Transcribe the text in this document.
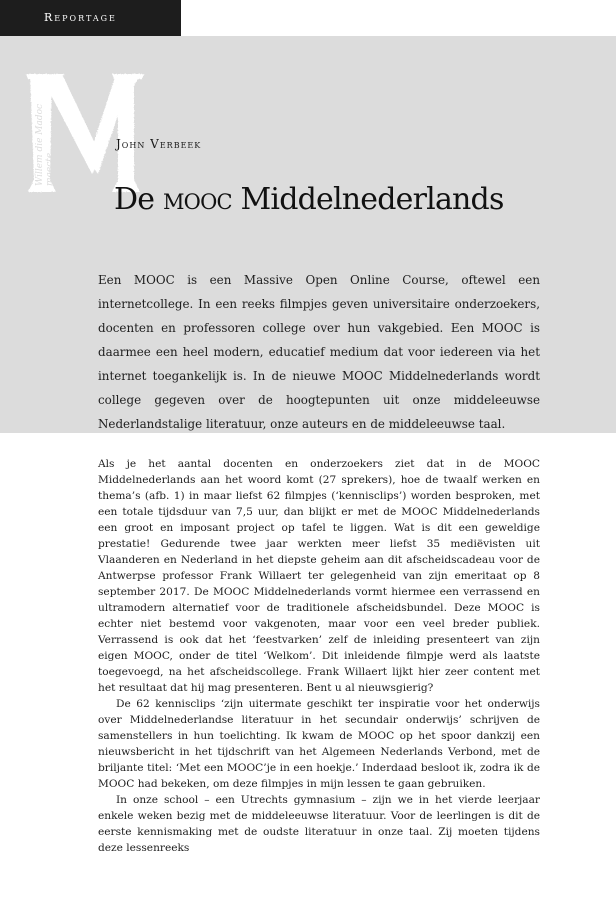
Reportage
Willem die Madoc maecte
John Verbeek
De mooc Middelnederlands

Een MOOC is een Massive Open Online Course, oftewel een internetcollege. In een reeks filmpjes geven universitaire onderzoekers, docenten en professoren college over hun vakgebied. Een MOOC is daarmee een heel modern, educatief medium dat voor iedereen via het internet toegankelijk is. In de nieuwe MOOC Middelnederlands wordt college gegeven over de hoogtepunten uit onze middeleeuwse Nederlandstalige literatuur, onze auteurs en de middeleeuwse taal.

Als je het aantal docenten en onderzoekers ziet dat in de MOOC Middelnederlands aan het woord komt (27 sprekers), hoe de twaalf werken en thema’s (afb. 1) in maar liefst 62 filmpjes (‘kennisclips’) worden besproken, met een totale tijdsduur van 7,5 uur, dan blijkt er met de MOOC Middelnederlands een groot en imposant project op tafel te liggen. Wat is dit een geweldige prestatie! Gedurende twee jaar werkten meer liefst 35 mediëvisten uit Vlaanderen en Nederland in het diepste geheim aan dit afscheidscadeau voor de Antwerpse professor Frank Willaert ter gelegenheid van zijn emeritaat op 8 september 2017. De MOOC Middelnederlands vormt hiermee een verrassend en ultramodern alternatief voor de traditionele afscheidsbundel. Deze MOOC is echter niet bestemd voor vakgenoten, maar voor een veel breder publiek. Verrassend is ook dat het ‘feestvarken’ zelf de inleiding presenteert van zijn eigen MOOC, onder de titel ‘Welkom’. Dit inleidende filmpje werd als laatste toegevoegd, na het afscheidscollege. Frank Willaert lijkt hier zeer content met het resultaat dat hij mag presenteren. Bent u al nieuwsgierig?

De 62 kennisclips ‘zijn uitermate geschikt ter inspiratie voor het onderwijs over Middelnederlandse literatuur in het secundair onderwijs’ schrijven de samenstellers in hun toelichting. Ik kwam de MOOC op het spoor dankzij een nieuwsbericht in het tijdschrift van het Algemeen Nederlands Verbond, met de briljante titel: ‘Met een MOOC’je in een hoekje.’ Inderdaad besloot ik, zodra ik de MOOC had bekeken, om deze filmpjes in mijn lessen te gaan gebruiken.

In onze school – een Utrechts gymnasium – zijn we in het vierde leerjaar enkele weken bezig met de middeleeuwse literatuur. Voor de leerlingen is dit de eerste kennismaking met de oudste literatuur in onze taal. Zij moeten tijdens deze lessenreeks
